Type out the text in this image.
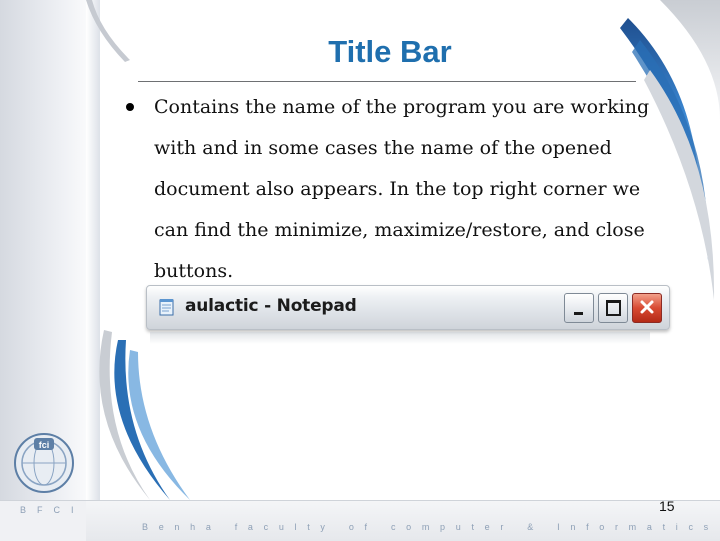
Title Bar
Contains the name of the program you are working with and in some cases the name of the opened document also appears. In the top right corner we can find the minimize, maximize/restore, and close buttons.
aulactic - Notepad
fci
BFCI
Benha faculty of computer & Informatics
15
